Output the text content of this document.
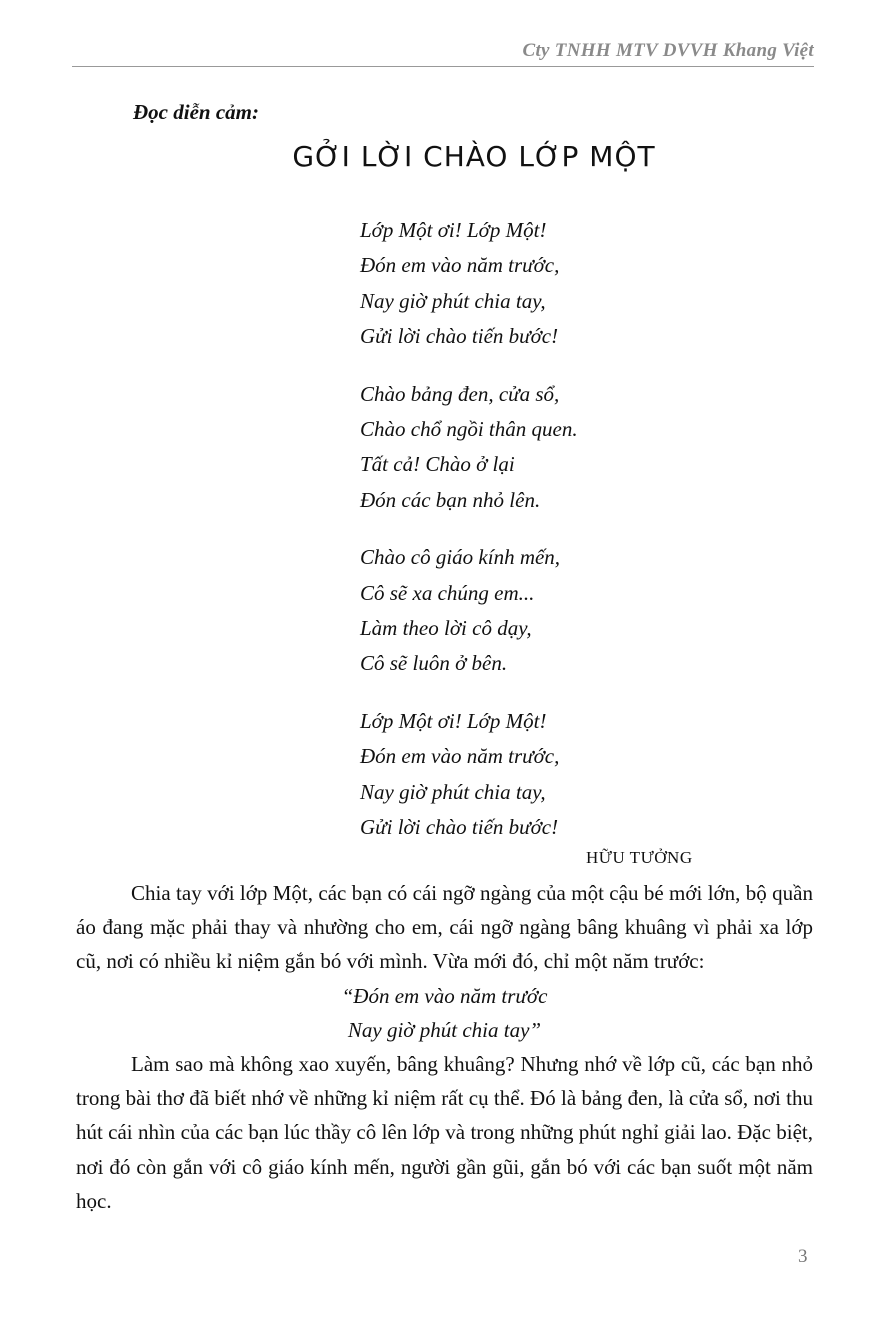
Cty TNHH MTV DVVH Khang Việt
Đọc diễn cảm:
GỞI LỜI CHÀO LỚP MỘT
Lớp Một ơi! Lớp Một!
Đón em vào năm trước,
Nay giờ phút chia tay,
Gửi lời chào tiến bước!
Chào bảng đen, cửa sổ,
Chào chổ ngồi thân quen.
Tất cả! Chào ở lại
Đón các bạn nhỏ lên.
Chào cô giáo kính mến,
Cô sẽ xa chúng em...
Làm theo lời cô dạy,
Cô sẽ luôn ở bên.
Lớp Một ơi! Lớp Một!
Đón em vào năm trước,
Nay giờ phút chia tay,
Gửi lời chào tiến bước!
HỮU TƯỞNG

Chia tay với lớp Một, các bạn có cái ngỡ ngàng của một cậu bé mới lớn, bộ quần áo đang mặc phải thay và nhường cho em, cái ngỡ ngàng bâng khuâng vì phải xa lớp cũ, nơi có nhiều kỉ niệm gắn bó với mình. Vừa mới đó, chỉ một năm trước:

“Đón em vào năm trước
Nay giờ phút chia tay”

Làm sao mà không xao xuyến, bâng khuâng? Nhưng nhớ về lớp cũ, các bạn nhỏ trong bài thơ đã biết nhớ về những kỉ niệm rất cụ thể. Đó là bảng đen, là cửa sổ, nơi thu hút cái nhìn của các bạn lúc thầy cô lên lớp và trong những phút nghỉ giải lao. Đặc biệt, nơi đó còn gắn với cô giáo kính mến, người gần gũi, gắn bó với các bạn suốt một năm học.

3
